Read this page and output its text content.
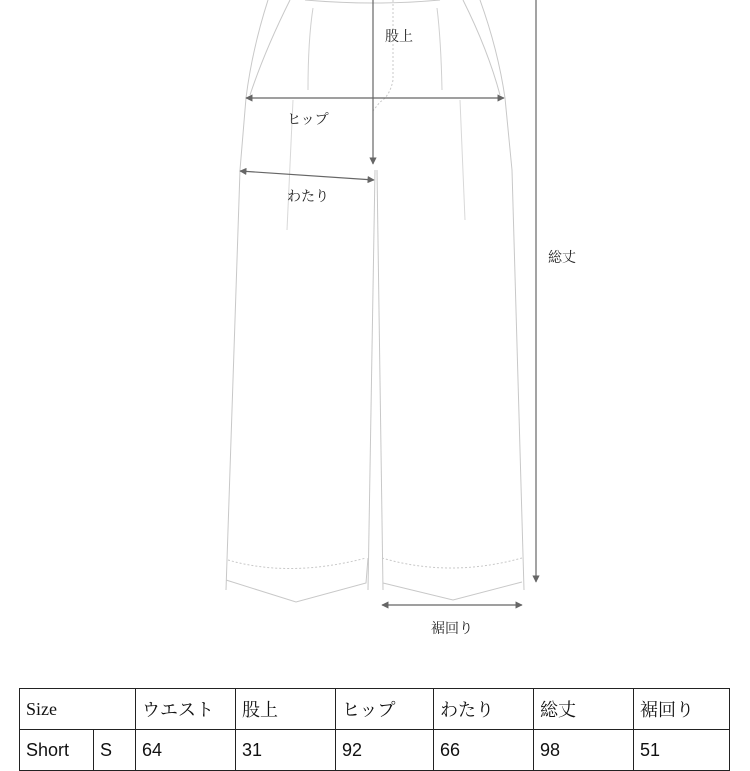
股上
ヒップ
わたり
総丈
裾回り
Size		ウエスト	股上	ヒップ	わたり	総丈	裾回り
Short	S	64	31	92	66	98	51
